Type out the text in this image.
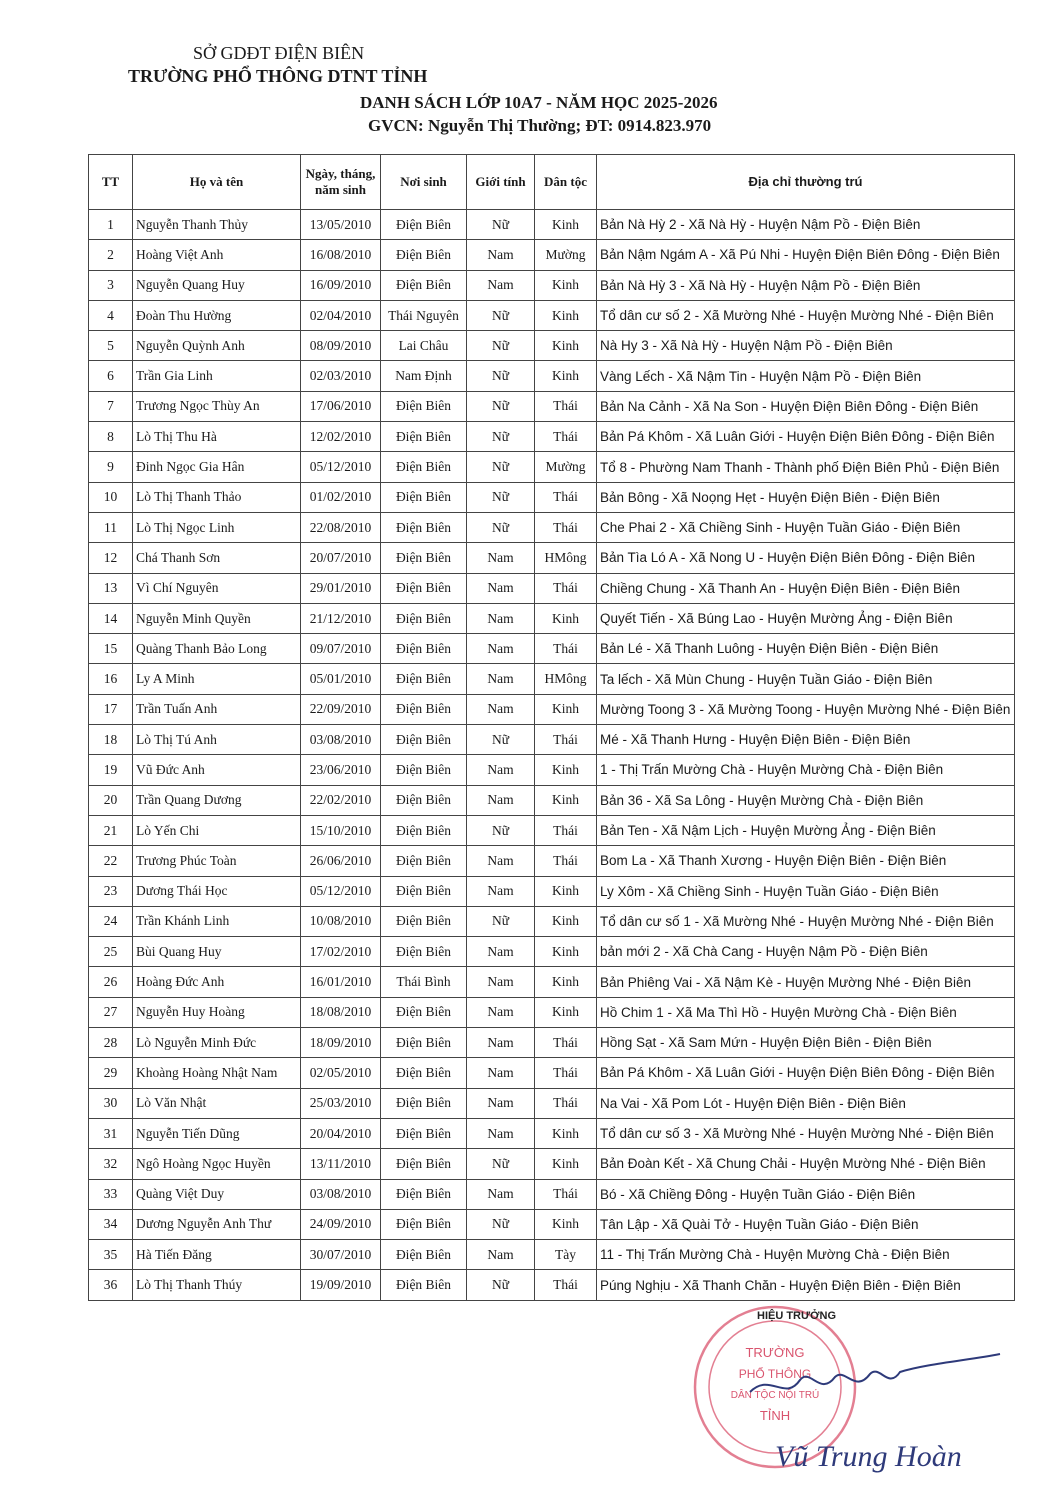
SỞ GDĐT ĐIỆN BIÊN
TRƯỜNG PHỔ THÔNG DTNT TỈNH
DANH SÁCH LỚP 10A7 - NĂM HỌC 2025-2026
GVCN: Nguyễn Thị Thường; ĐT: 0914.823.970
TT	Họ và tên	Ngày, tháng, năm sinh	Nơi sinh	Giới tính	Dân tộc	Địa chỉ thường trú
1	Nguyễn Thanh Thủy	13/05/2010	Điện Biên	Nữ	Kinh	Bản Nà Hỳ 2 - Xã Nà Hỳ - Huyện Nậm Pồ - Điện Biên
2	Hoàng Việt Anh	16/08/2010	Điện Biên	Nam	Mường	Bản Nậm Ngám A - Xã Pú Nhi - Huyện Điện Biên Đông - Điện Biên
3	Nguyễn Quang Huy	16/09/2010	Điện Biên	Nam	Kinh	Bản Nà Hỳ 3 - Xã Nà Hỳ - Huyện Nậm Pồ - Điện Biên
4	Đoàn Thu Hường	02/04/2010	Thái Nguyên	Nữ	Kinh	Tổ dân cư số 2 - Xã Mường Nhé - Huyện Mường Nhé - Điện Biên
5	Nguyễn Quỳnh Anh	08/09/2010	Lai Châu	Nữ	Kinh	Nà Hy 3 - Xã Nà Hỳ - Huyện Nậm Pồ - Điện Biên
6	Trần Gia Linh	02/03/2010	Nam Định	Nữ	Kinh	Vàng Lếch - Xã Nậm Tin - Huyện Nậm Pồ - Điện Biên
7	Trương Ngọc Thùy An	17/06/2010	Điện Biên	Nữ	Thái	Bản Na Cảnh - Xã Na Son - Huyện Điện Biên Đông - Điện Biên
8	Lò Thị Thu Hà	12/02/2010	Điện Biên	Nữ	Thái	Bản Pá Khôm - Xã Luân Giới - Huyện Điện Biên Đông - Điện Biên
9	Đinh Ngọc Gia Hân	05/12/2010	Điện Biên	Nữ	Mường	Tổ 8 - Phường Nam Thanh - Thành phố Điện Biên Phủ - Điện Biên
10	Lò Thị Thanh Thảo	01/02/2010	Điện Biên	Nữ	Thái	Bản Bông - Xã Noọng Hẹt - Huyện Điện Biên - Điện Biên
11	Lò Thị Ngọc Linh	22/08/2010	Điện Biên	Nữ	Thái	Che Phai 2 - Xã Chiềng Sinh - Huyện Tuần Giáo - Điện Biên
12	Chá Thanh Sơn	20/07/2010	Điện Biên	Nam	HMông	Bản Tìa Ló A - Xã Nong U - Huyện Điện Biên Đông - Điện Biên
13	Vì Chí Nguyên	29/01/2010	Điện Biên	Nam	Thái	Chiềng Chung - Xã Thanh An - Huyện Điện Biên - Điện Biên
14	Nguyễn Minh Quyền	21/12/2010	Điện Biên	Nam	Kinh	Quyết Tiến - Xã Búng Lao - Huyện Mường Ảng - Điện Biên
15	Quàng Thanh Bảo Long	09/07/2010	Điện Biên	Nam	Thái	Bản Lé - Xã Thanh Luông - Huyện Điện Biên - Điện Biên
16	Ly A Minh	05/01/2010	Điện Biên	Nam	HMông	Ta lếch - Xã Mùn Chung - Huyện Tuần Giáo - Điện Biên
17	Trần Tuấn Anh	22/09/2010	Điện Biên	Nam	Kinh	Mường Toong 3 - Xã Mường Toong - Huyện Mường Nhé - Điện Biên
18	Lò Thị Tú Anh	03/08/2010	Điện Biên	Nữ	Thái	Mé - Xã Thanh Hưng - Huyện Điện Biên - Điện Biên
19	Vũ Đức Anh	23/06/2010	Điện Biên	Nam	Kinh	1 - Thị Trấn Mường Chà - Huyện Mường Chà - Điện Biên
20	Trần Quang Dương	22/02/2010	Điện Biên	Nam	Kinh	Bản 36 - Xã Sa Lông - Huyện Mường Chà - Điện Biên
21	Lò Yến Chi	15/10/2010	Điện Biên	Nữ	Thái	Bản Ten - Xã Nậm Lịch - Huyện Mường Ảng - Điện Biên
22	Trương Phúc Toàn	26/06/2010	Điện Biên	Nam	Thái	Bom La - Xã Thanh Xương - Huyện Điện Biên - Điện Biên
23	Dương Thái Học	05/12/2010	Điện Biên	Nam	Kinh	Ly Xôm - Xã Chiềng Sinh - Huyện Tuần Giáo - Điện Biên
24	Trần Khánh Linh	10/08/2010	Điện Biên	Nữ	Kinh	Tổ dân cư số 1 - Xã Mường Nhé - Huyện Mường Nhé - Điện Biên
25	Bùi Quang Huy	17/02/2010	Điện Biên	Nam	Kinh	bản mới 2 - Xã Chà Cang - Huyện Nậm Pồ - Điện Biên
26	Hoàng Đức Anh	16/01/2010	Thái Bình	Nam	Kinh	Bản Phiêng Vai - Xã Nậm Kè - Huyện Mường Nhé - Điện Biên
27	Nguyễn Huy Hoàng	18/08/2010	Điện Biên	Nam	Kinh	Hồ Chim 1 - Xã Ma Thì Hồ - Huyện Mường Chà - Điện Biên
28	Lò Nguyễn Minh Đức	18/09/2010	Điện Biên	Nam	Thái	Hồng Sạt - Xã Sam Mứn - Huyện Điện Biên - Điện Biên
29	Khoàng Hoàng Nhật Nam	02/05/2010	Điện Biên	Nam	Thái	Bản Pá Khôm - Xã Luân Giới - Huyện Điện Biên Đông - Điện Biên
30	Lò Văn Nhật	25/03/2010	Điện Biên	Nam	Thái	Na Vai - Xã Pom Lót - Huyện Điện Biên - Điện Biên
31	Nguyễn Tiến Dũng	20/04/2010	Điện Biên	Nam	Kinh	Tổ dân cư số 3 - Xã Mường Nhé - Huyện Mường Nhé - Điện Biên
32	Ngô Hoàng Ngọc Huyền	13/11/2010	Điện Biên	Nữ	Kinh	Bản Đoàn Kết - Xã Chung Chải - Huyện Mường Nhé - Điện Biên
33	Quàng Việt Duy	03/08/2010	Điện Biên	Nam	Thái	Bó - Xã Chiềng Đông - Huyện Tuần Giáo - Điện Biên
34	Dương Nguyễn Anh Thư	24/09/2010	Điện Biên	Nữ	Kinh	Tân Lập - Xã Quài Tở - Huyện Tuần Giáo - Điện Biên
35	Hà Tiến Đăng	30/07/2010	Điện Biên	Nam	Tày	11 - Thị Trấn Mường Chà - Huyện Mường Chà - Điện Biên
36	Lò Thị Thanh Thúy	19/09/2010	Điện Biên	Nữ	Thái	Púng Nghịu - Xã Thanh Chăn - Huyện Điện Biên - Điện Biên
TRƯỜNG
PHỔ THÔNG
DÂN TỘC NỘI TRÚ
TỈNH
HIỆU TRƯỞNG
Vũ Trung Hoàn
